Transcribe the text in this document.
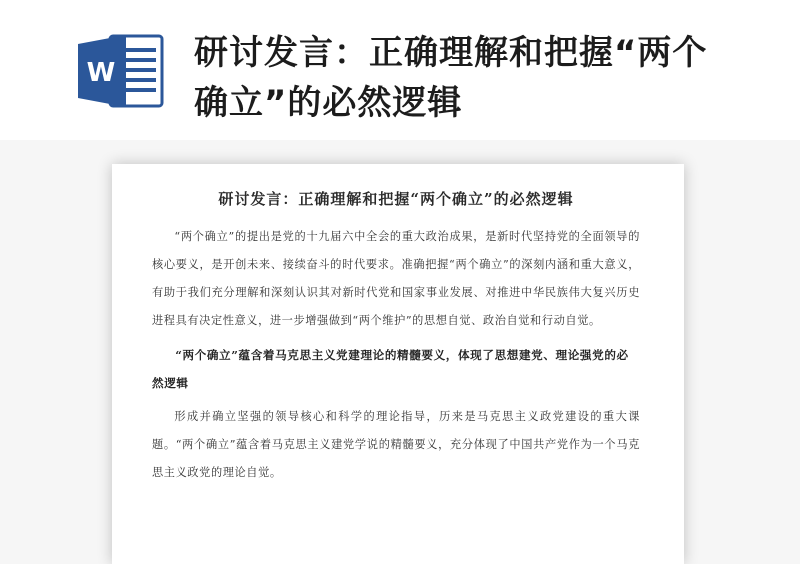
W 研讨发言：正确理解和把握“两个确立”的必然逻辑
研讨发言：正确理解和把握“两个确立”的必然逻辑

“两个确立”的提出是党的十九届六中全会的重大政治成果，是新时代坚持党的全面领导的核心要义，是开创未来、接续奋斗的时代要求。准确把握“两个确立”的深刻内涵和重大意义，有助于我们充分理解和深刻认识其对新时代党和国家事业发展、对推进中华民族伟大复兴历史进程具有决定性意义，进一步增强做到“两个维护”的思想自觉、政治自觉和行动自觉。

“两个确立”蕴含着马克思主义党建理论的精髓要义，体现了思想建党、理论强党的必然逻辑

形成并确立坚强的领导核心和科学的理论指导，历来是马克思主义政党建设的重大课题。“两个确立”蕴含着马克思主义建党学说的精髓要义，充分体现了中国共产党作为一个马克思主义政党的理论自觉。
